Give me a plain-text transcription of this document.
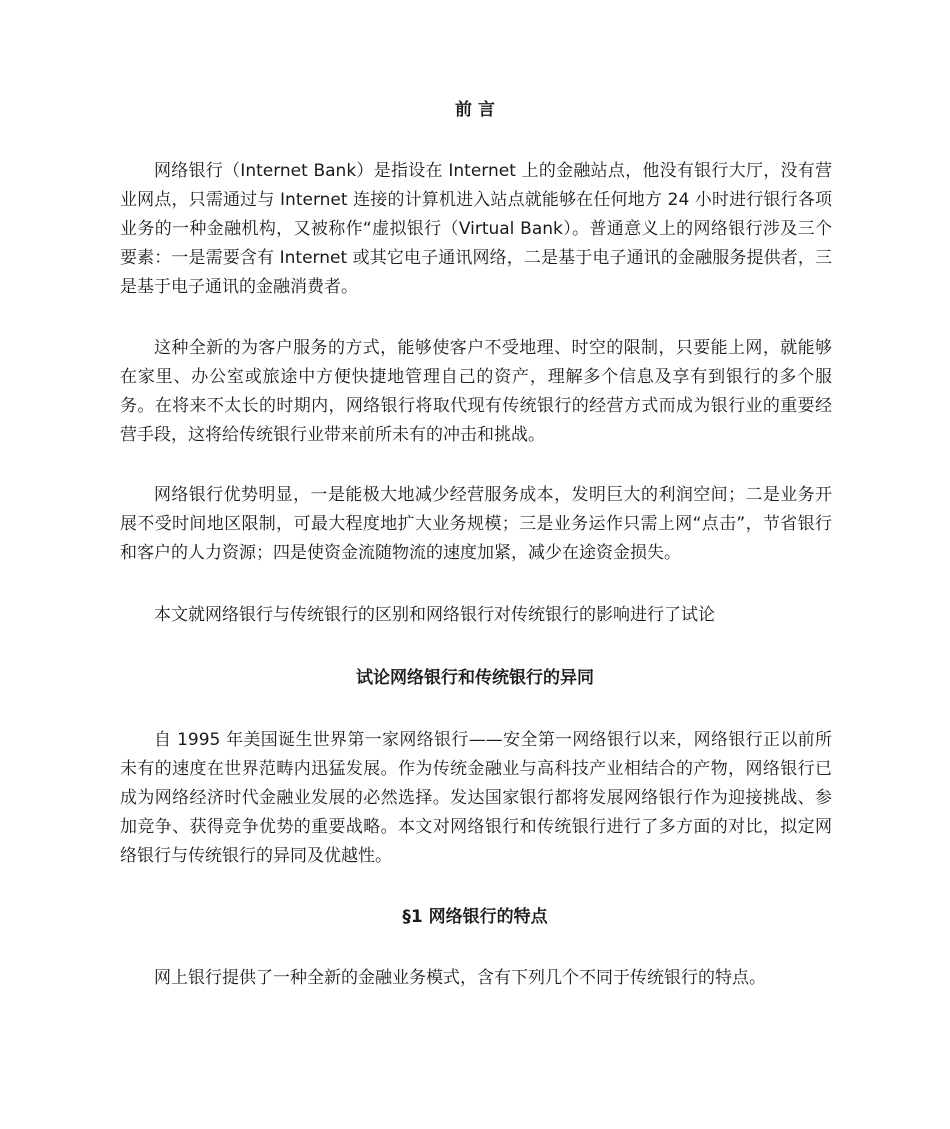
前 言

网络银行（Internet Bank）是指设在 Internet 上的金融站点，他没有银行大厅，没有营业网点，只需通过与 Internet 连接的计算机进入站点就能够在任何地方 24 小时进行银行各项业务的一种金融机构，又被称作“虚拟银行（Virtual Bank）。普通意义上的网络银行涉及三个要素：一是需要含有 Internet 或其它电子通讯网络，二是基于电子通讯的金融服务提供者，三是基于电子通讯的金融消费者。

这种全新的为客户服务的方式，能够使客户不受地理、时空的限制，只要能上网，就能够在家里、办公室或旅途中方便快捷地管理自己的资产，理解多个信息及享有到银行的多个服务。在将来不太长的时期内，网络银行将取代现有传统银行的经营方式而成为银行业的重要经营手段，这将给传统银行业带来前所未有的冲击和挑战。

网络银行优势明显，一是能极大地减少经营服务成本，发明巨大的利润空间；二是业务开展不受时间地区限制，可最大程度地扩大业务规模；三是业务运作只需上网“点击”，节省银行和客户的人力资源；四是使资金流随物流的速度加紧，减少在途资金损失。

本文就网络银行与传统银行的区别和网络银行对传统银行的影响进行了试论

试论网络银行和传统银行的异同

自 1995 年美国诞生世界第一家网络银行——安全第一网络银行以来，网络银行正以前所未有的速度在世界范畴内迅猛发展。作为传统金融业与高科技产业相结合的产物，网络银行已成为网络经济时代金融业发展的必然选择。发达国家银行都将发展网络银行作为迎接挑战、参加竞争、获得竞争优势的重要战略。本文对网络银行和传统银行进行了多方面的对比，拟定网络银行与传统银行的异同及优越性。

§1 网络银行的特点

网上银行提供了一种全新的金融业务模式，含有下列几个不同于传统银行的特点。
